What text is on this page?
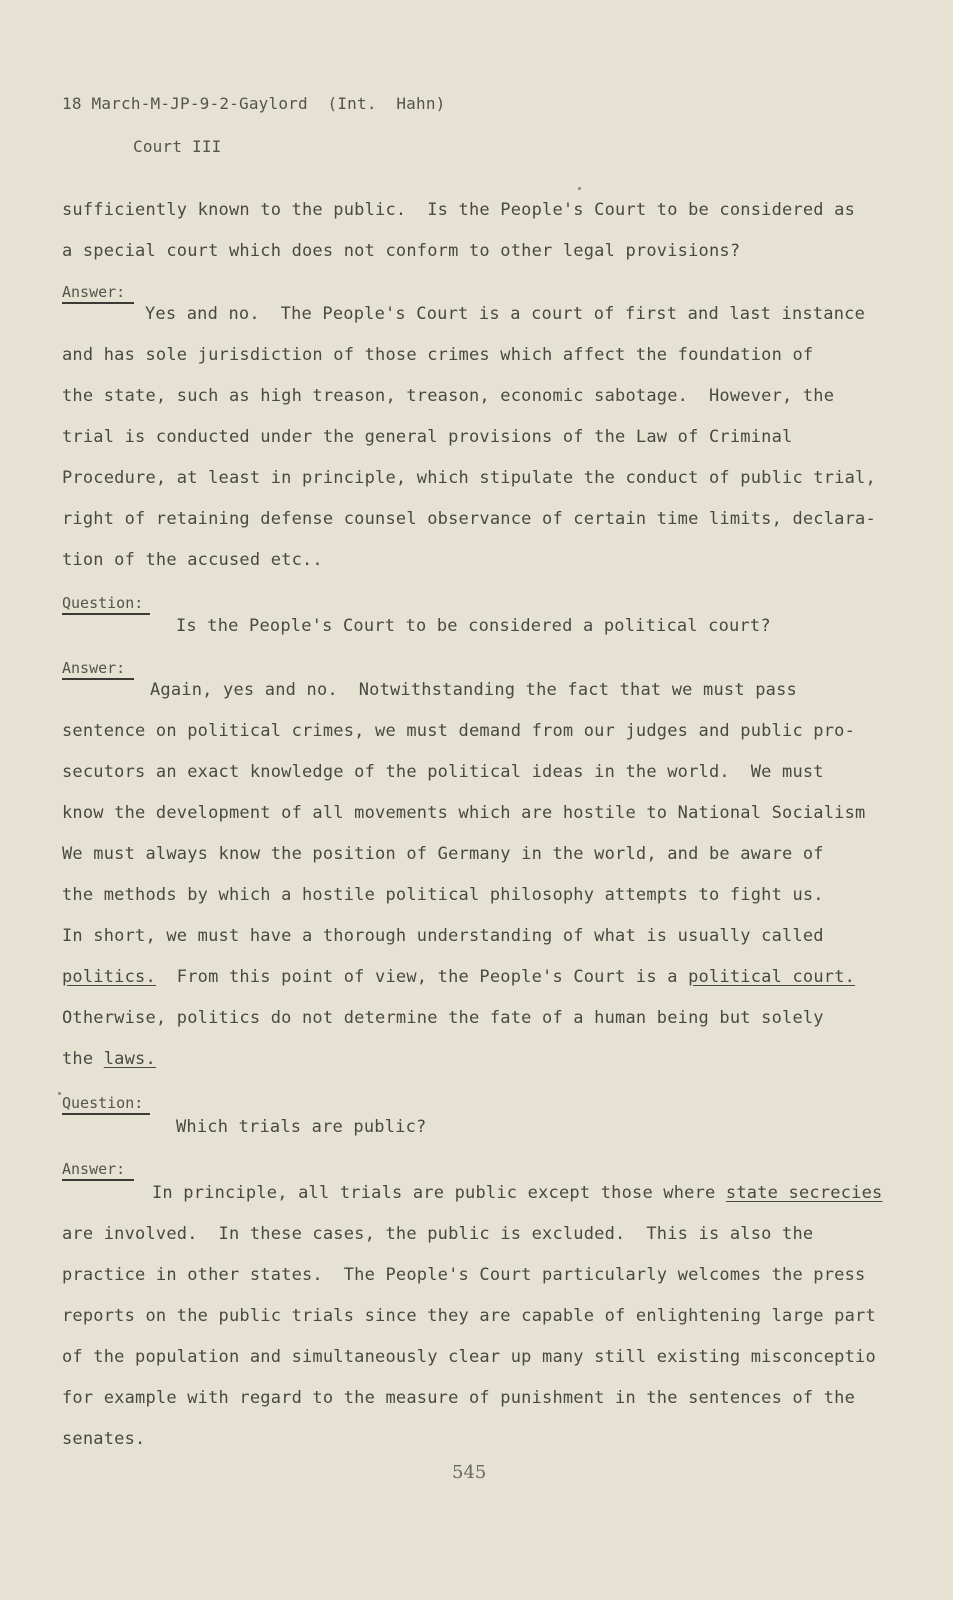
18 March-M-JP-9-2-Gaylord  (Int.  Hahn)
Court III
sufficiently known to the public.  Is the People's Court to be considered as
a special court which does not conform to other legal provisions?
Answer:
Yes and no.  The People's Court is a court of first and last instance
and has sole jurisdiction of those crimes which affect the foundation of
the state, such as high treason, treason, economic sabotage.  However, the
trial is conducted under the general provisions of the Law of Criminal
Procedure, at least in principle, which stipulate the conduct of public trial,
right of retaining defense counsel observance of certain time limits, declara-
tion of the accused etc..
Question:
Is the People's Court to be considered a political court?
Answer:
Again, yes and no.  Notwithstanding the fact that we must pass
sentence on political crimes, we must demand from our judges and public pro-
secutors an exact knowledge of the political ideas in the world.  We must
know the development of all movements which are hostile to National Socialism
We must always know the position of Germany in the world, and be aware of
the methods by which a hostile political philosophy attempts to fight us.
In short, we must have a thorough understanding of what is usually called
politics.  From this point of view, the People's Court is a political court.
Otherwise, politics do not determine the fate of a human being but solely
the laws.
Question:
Which trials are public?
Answer:
In principle, all trials are public except those where state secrecies
are involved.  In these cases, the public is excluded.  This is also the
practice in other states.  The People's Court particularly welcomes the press
reports on the public trials since they are capable of enlightening large part
of the population and simultaneously clear up many still existing misconceptio
for example with regard to the measure of punishment in the sentences of the
senates.
545
